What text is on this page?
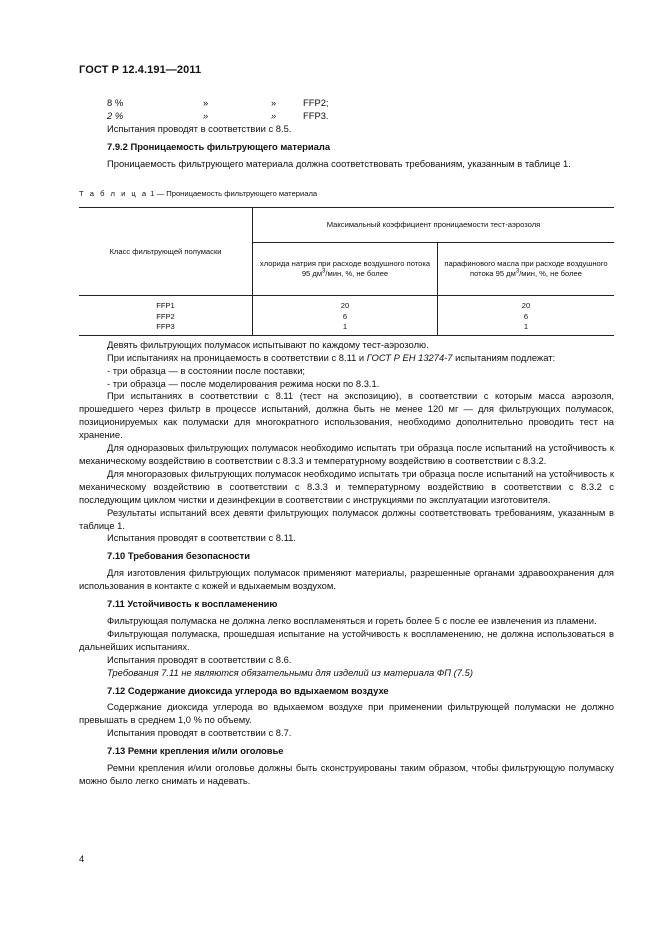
ГОСТ Р 12.4.191—2011
8 %	»	»	FFP2;
2 %	»	»	FFP3.

Испытания проводят в соответствии с 8.5.

7.9.2 Проницаемость фильтрующего материала

Проницаемость фильтрующего материала должна соответствовать требованиям, указанным в таблице 1.

Т а б л и ц а 1 — Проницаемость фильтрующего материала
Класс фильтрующей полумаски	Максимальный коэффициент проницаемости тест-аэрозоля	
	хлорида натрия при расходе воздушного потока 95 $дм^3$/мин, %, не более	парафинового масла при расходе воздушного потока 95 $дм^3$/мин, %, не более
FFP1	20	20
FFP2	6	6
FFP3	1	1

Девять фильтрующих полумасок испытывают по каждому тест-аэрозолю.

При испытаниях на проницаемость в соответствии с 8.11 и ГОСТ Р ЕН 13274-7 испытаниям подлежат:

- три образца — в состоянии после поставки;

- три образца — после моделирования режима носки по 8.3.1.

При испытаниях в соответствии с 8.11 (тест на экспозицию), в соответствии с которым масса аэрозоля, прошедшего через фильтр в процессе испытаний, должна быть не менее 120 мг — для фильтрующих полумасок, позиционируемых как полумаски для многократного использования, необходимо дополнительно проводить тест на хранение.

Для одноразовых фильтрующих полумасок необходимо испытать три образца после испытаний на устойчивость к механическому воздействию в соответствии с 8.3.3 и температурному воздействию в соответствии с 8.3.2.

Для многоразовых фильтрующих полумасок необходимо испытать три образца после испытаний на устойчивость к механическому воздействию в соответствии с 8.3.3 и температурному воздействию в соответствии с 8.3.2 с последующим циклом чистки и дезинфекции в соответствии с инструкциями по эксплуатации изготовителя.

Результаты испытаний всех девяти фильтрующих полумасок должны соответствовать требованиям, указанным в таблице 1.

Испытания проводят в соответствии с 8.11.

7.10 Требования безопасности

Для изготовления фильтрующих полумасок применяют материалы, разрешенные органами здравоохранения для использования в контакте с кожей и вдыхаемым воздухом.

7.11 Устойчивость к воспламенению

Фильтрующая полумаска не должна легко воспламеняться и гореть более 5 с после ее извлечения из пламени.

Фильтрующая полумаска, прошедшая испытание на устойчивость к воспламенению, не должна использоваться в дальнейших испытаниях.

Испытания проводят в соответствии с 8.6.

Требования 7.11 не являются обязательными для изделий из материала ФП (7.5)

7.12 Содержание диоксида углерода во вдыхаемом воздухе

Содержание диоксида углерода во вдыхаемом воздухе при применении фильтрующей полумаски не должно превышать в среднем 1,0 % по объему.

Испытания проводят в соответствии с 8.7.

7.13 Ремни крепления и/или оголовье

Ремни крепления и/или оголовье должны быть сконструированы таким образом, чтобы фильтрующую полумаску можно было легко снимать и надевать.

4
